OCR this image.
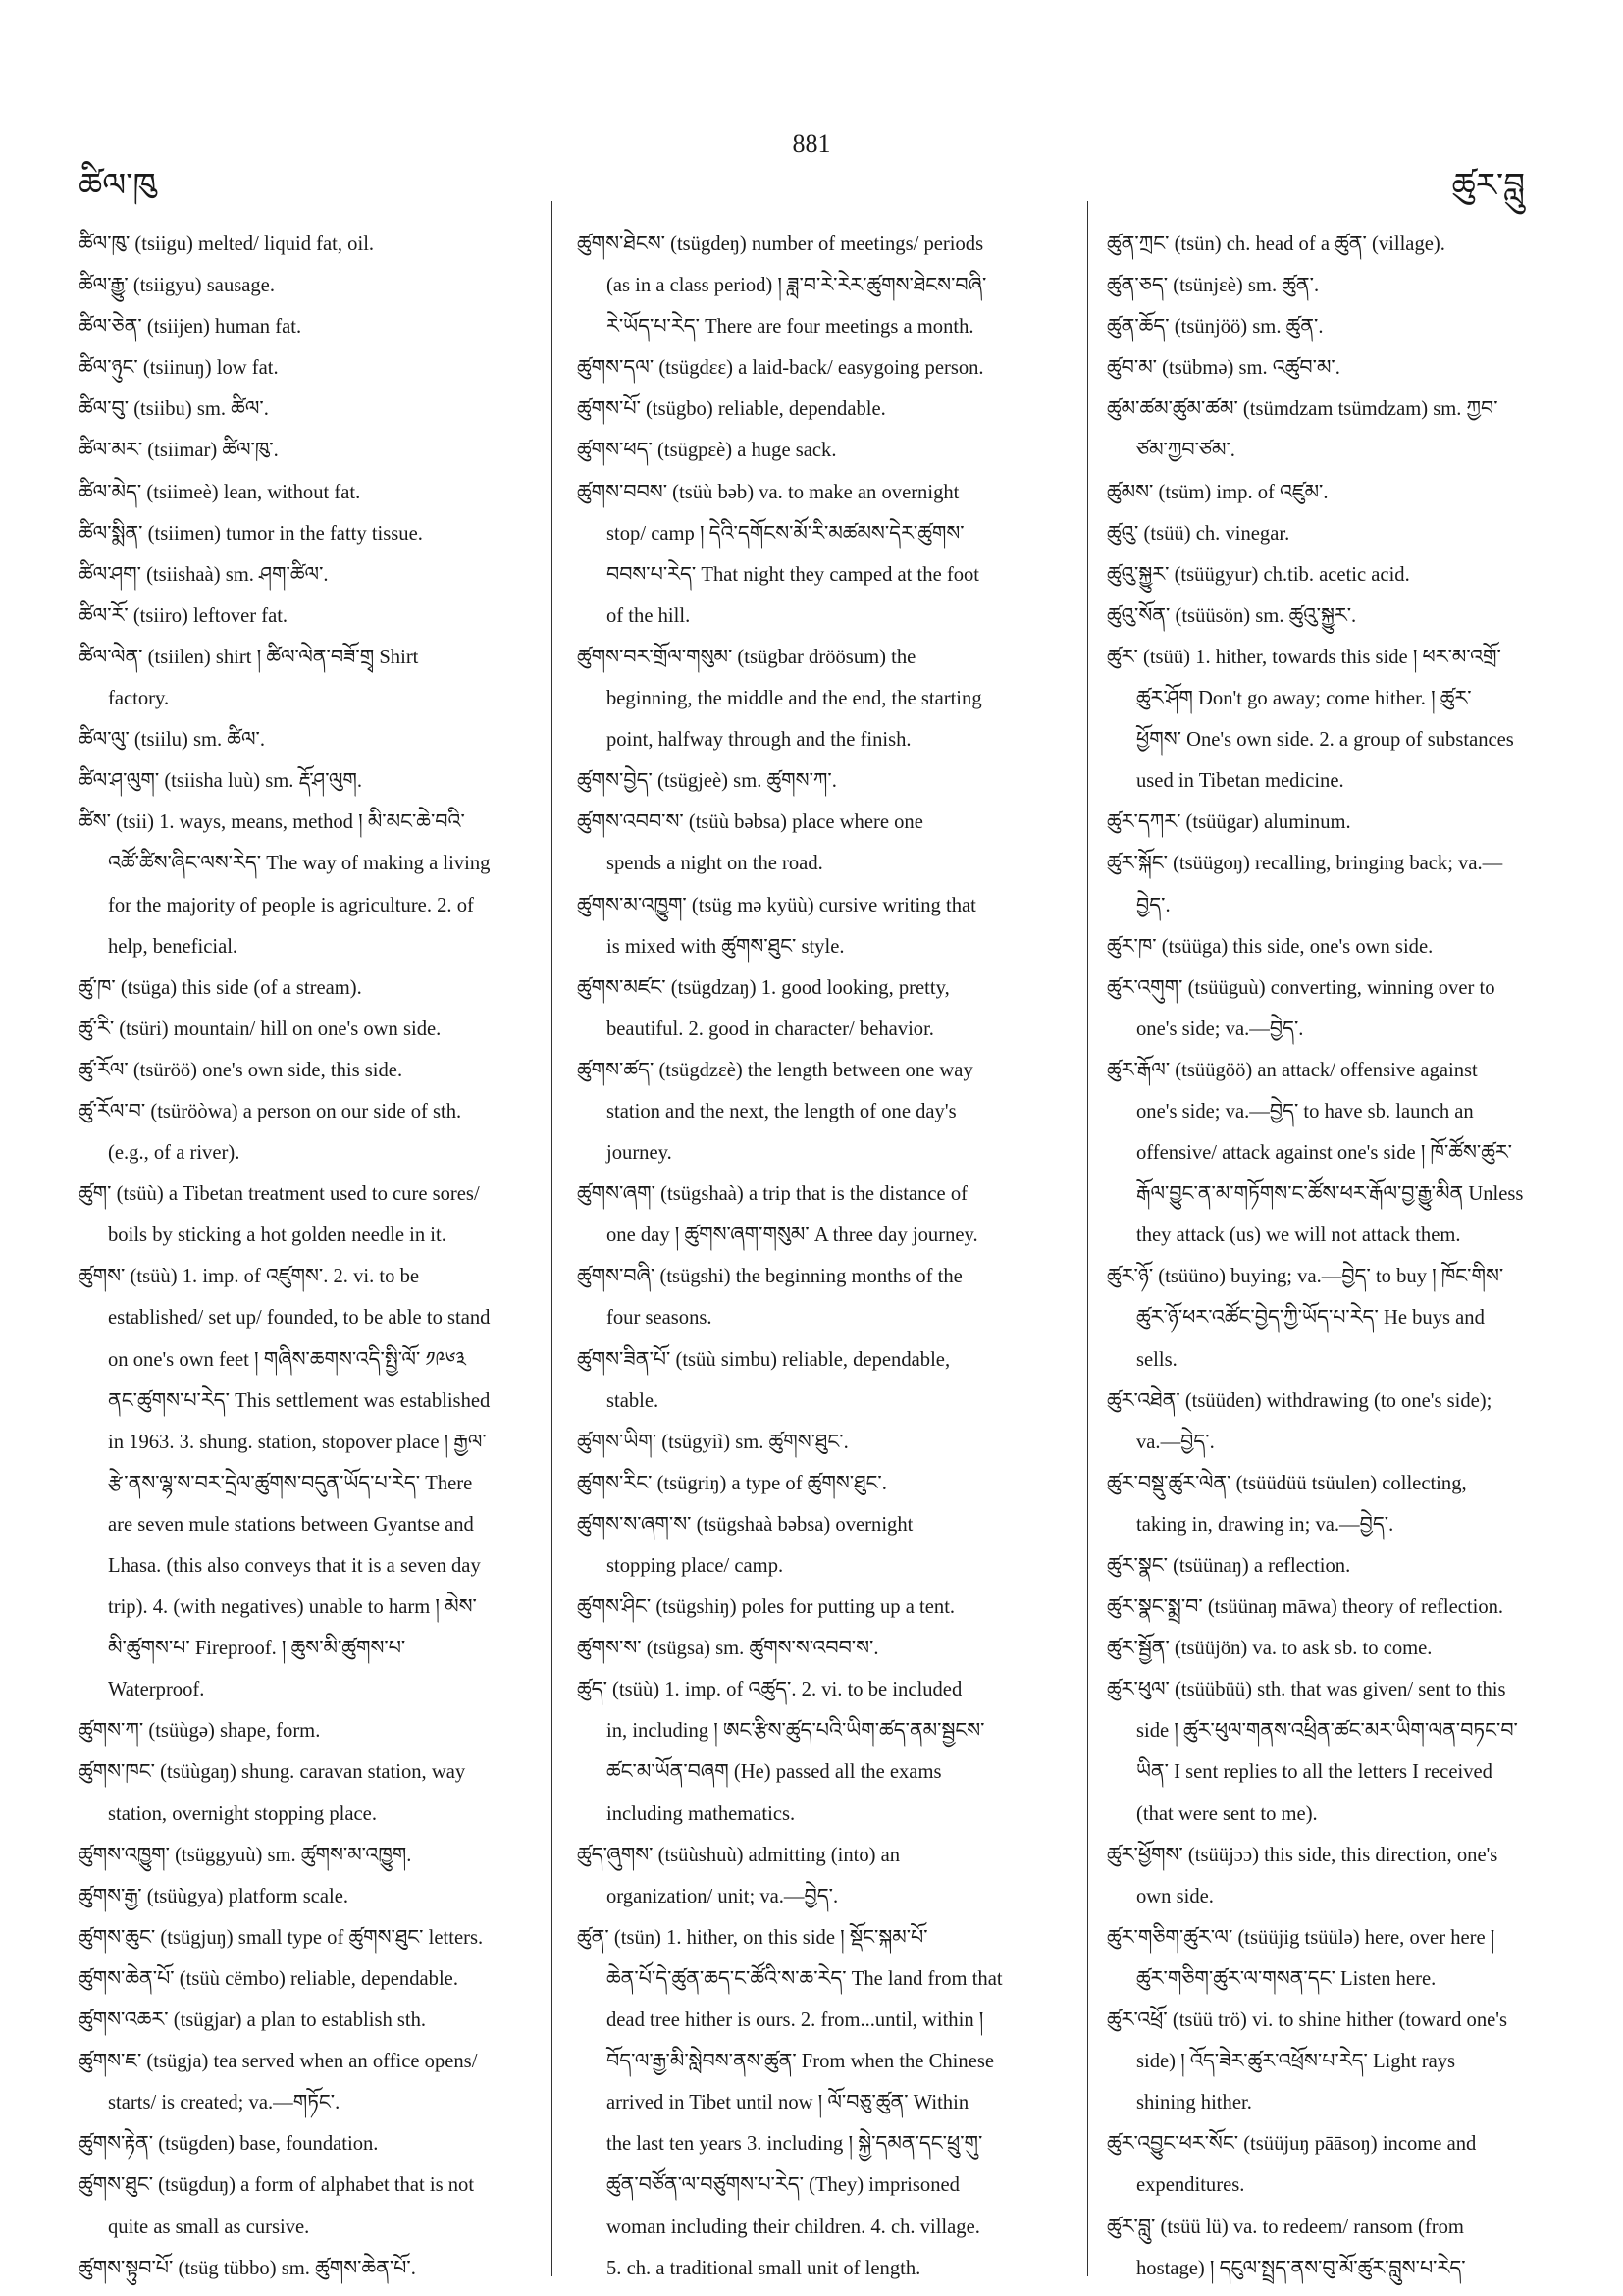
ཚིལ་ཁུ
881
ཚུར་བླུ
ཚིལ་ཁུ་ (tsiigu) melted/ liquid fat, oil.
ཚིལ་རྒྱུ་ (tsiigyu) sausage.
ཚིལ་ཅེན་ (tsiijen) human fat.
ཚིལ་ཉུང་ (tsiinuŋ) low fat.
ཚིལ་བུ་ (tsiibu) sm. ཚིལ་.
ཚིལ་མར་ (tsiimar) ཚིལ་ཁུ་.
ཚིལ་མེད་ (tsiimeè) lean, without fat.
ཚིལ་སྨིན་ (tsiimen) tumor in the fatty tissue.
ཚིལ་ཤག་ (tsiishaà) sm. ཤག་ཚིལ་.
ཚིལ་རོ་ (tsiiro) leftover fat.
ཚིལ་ལེན་ (tsiilen) shirt ། ཚིལ་ལེན་བཟོ་གྲྭ Shirt
factory.
ཚིལ་ལུ་ (tsiilu) sm. ཚིལ་.
ཚིལ་ཤ་ལུག་ (tsiisha luù) sm. རྡོ་ཤ་ལུག.
ཚིས་ (tsii) 1. ways, means, method ། མི་མང་ཆེ་བའི་
འཚོ་ཚིས་ཞིང་ལས་རེད་ The way of making a living
for the majority of people is agriculture. 2. of
help, beneficial.
ཚུ་ཁ་ (tsüga) this side (of a stream).
ཚུ་རི་ (tsüri) mountain/ hill on one's own side.
ཚུ་རོལ་ (tsüröö) one's own side, this side.
ཚུ་རོལ་བ་ (tsüröòwa) a person on our side of sth.
(e.g., of a river).
ཚུག་ (tsüù) a Tibetan treatment used to cure sores/
boils by sticking a hot golden needle in it.
ཚུགས་ (tsüù) 1. imp. of འཛུགས་. 2. vi. to be
established/ set up/ founded, to be able to stand
on one's own feet ། གཞིས་ཆགས་འདི་སྤྱི་ལོ་ ༡༩༦༣
ནང་ཚུགས་པ་རེད་ This settlement was established
in 1963. 3. shung. station, stopover place ། རྒྱལ་
རྩེ་ནས་ལྷ་ས་བར་དྲེལ་ཚུགས་བདུན་ཡོད་པ་རེད་ There
are seven mule stations between Gyantse and
Lhasa. (this also conveys that it is a seven day
trip). 4. (with negatives) unable to harm ། མེས་
མི་ཚུགས་པ་ Fireproof. ། ཆུས་མི་ཚུགས་པ་
Waterproof.
ཚུགས་ཀ་ (tsüùgə) shape, form.
ཚུགས་ཁང་ (tsüùgaŋ) shung. caravan station, way
station, overnight stopping place.
ཚུགས་འཁྱུག་ (tsüggyuù) sm. ཚུགས་མ་འཁྱུག.
ཚུགས་རྒྱ་ (tsüùgya) platform scale.
ཚུགས་ཆུང་ (tsügjuŋ) small type of ཚུགས་ཐུང་ letters.
ཚུགས་ཆེན་པོ་ (tsüù cëmbo) reliable, dependable.
ཚུགས་འཆར་ (tsügjar) a plan to establish sth.
ཚུགས་ཇ་ (tsügja) tea served when an office opens/
starts/ is created; va.—གཏོང་.
ཚུགས་རྟེན་ (tsügden) base, foundation.
ཚུགས་ཐུང་ (tsügduŋ) a form of alphabet that is not
quite as small as cursive.
ཚུགས་སྟུབ་པོ་ (tsüg tübbo) sm. ཚུགས་ཆེན་པོ་.
ཚུགས་ཐེངས་ (tsügdeŋ) number of meetings/ periods
(as in a class period) ། ཟླ་བ་རེ་རེར་ཚུགས་ཐེངས་བཞི་
རེ་ཡོད་པ་རེད་ There are four meetings a month.
ཚུགས་དལ་ (tsügdεε) a laid-back/ easygoing person.
ཚུགས་པོ་ (tsügbo) reliable, dependable.
ཚུགས་ཕད་ (tsügpεè) a huge sack.
ཚུགས་བབས་ (tsüù bəb) va. to make an overnight
stop/ camp ། དེའི་དགོངས་མོ་རི་མཚམས་དེར་ཚུགས་
བབས་པ་རེད་ That night they camped at the foot
of the hill.
ཚུགས་བར་གྲོལ་གསུམ་ (tsügbar dröösum) the
beginning, the middle and the end, the starting
point, halfway through and the finish.
ཚུགས་བྱེད་ (tsügjeè) sm. ཚུགས་ཀ་.
ཚུགས་འབབ་ས་ (tsüù bəbsa) place where one
spends a night on the road.
ཚུགས་མ་འཁྱུག་ (tsüg mə kyüù) cursive writing that
is mixed with ཚུགས་ཐུང་ style.
ཚུགས་མཛང་ (tsügdzaŋ) 1. good looking, pretty,
beautiful. 2. good in character/ behavior.
ཚུགས་ཚད་ (tsügdzεè) the length between one way
station and the next, the length of one day's
journey.
ཚུགས་ཞག་ (tsügshaà) a trip that is the distance of
one day ། ཚུགས་ཞག་གསུམ་ A three day journey.
ཚུགས་བཞི་ (tsügshi) the beginning months of the
four seasons.
ཚུགས་ཟིན་པོ་ (tsüù simbu) reliable, dependable,
stable.
ཚུགས་ཡིག་ (tsügyiì) sm. ཚུགས་ཐུང་.
ཚུགས་རིང་ (tsügriŋ) a type of ཚུགས་ཐུང་.
ཚུགས་ས་ཞག་ས་ (tsügshaà bəbsa) overnight
stopping place/ camp.
ཚུགས་ཤིང་ (tsügshiŋ) poles for putting up a tent.
ཚུགས་ས་ (tsügsa) sm. ཚུགས་ས་འབབ་ས་.
ཚུད་ (tsüù) 1. imp. of འཚུད་. 2. vi. to be included
in, including ། ཨང་རྩིས་ཚུད་པའི་ཡིག་ཚད་ནམ་སྦྱངས་
ཚང་མ་ཡོན་བཞག (He) passed all the exams
including mathematics.
ཚུད་ཞུགས་ (tsüùshuù) admitting (into) an
organization/ unit; va.—བྱེད་.
ཚུན་ (tsün) 1. hither, on this side ། སྡོང་སྐམ་པོ་
ཆེན་པོ་དེ་ཚུན་ཆད་ང་ཚོའི་ས་ཆ་རེད་ The land from that
dead tree hither is ours. 2. from...until, within །
བོད་ལ་རྒྱ་མི་སླེབས་ནས་ཚུན་ From when the Chinese
arrived in Tibet until now ། ལོ་བཅུ་ཚུན་ Within
the last ten years 3. including ། སྐྱེ་དམན་དང་ཕྲུ་གུ་
ཚུན་བཙོན་ལ་བཙུགས་པ་རེད་ (They) imprisoned
woman including their children. 4. ch. village.
5. ch. a traditional small unit of length.
ཚུན་ཀྲང་ (tsün) ch. head of a ཚུན་ (village).
ཚུན་ཅད་ (tsünjεè) sm. ཚུན་.
ཚུན་ཆོད་ (tsünjöö) sm. ཚུན་.
ཚུབ་མ་ (tsübmə) sm. འཚུབ་མ་.
ཚུམ་ཚམ་ཚུམ་ཚམ་ (tsümdzam tsümdzam) sm. ཀྱབ་
ཙམ་ཀྱབ་ཙམ་.
ཚུམས་ (tsüm) imp. of འཛུམ་.
ཚུའུ་ (tsüü) ch. vinegar.
ཚུའུ་སྐྱུར་ (tsüügyur) ch.tib. acetic acid.
ཚུའུ་སོན་ (tsüüsön) sm. ཚུའུ་སྐྱུར་.
ཚུར་ (tsüü) 1. hither, towards this side ། ཕར་མ་འགྲོ་
ཚུར་ཤོག Don't go away; come hither. ། ཚུར་
ཕྱོགས་ One's own side. 2. a group of substances
used in Tibetan medicine.
ཚུར་དཀར་ (tsüügar) aluminum.
ཚུར་སྐོང་ (tsüügoŋ) recalling, bringing back; va.—
བྱེད་.
ཚུར་ཁ་ (tsüüga) this side, one's own side.
ཚུར་འགུག་ (tsüüguù) converting, winning over to
one's side; va.—བྱེད་.
ཚུར་རྒོལ་ (tsüügöö) an attack/ offensive against
one's side; va.—བྱེད་ to have sb. launch an
offensive/ attack against one's side ། ཁོ་ཚོས་ཚུར་
རྒོལ་བྱུང་ན་མ་གཏོགས་ང་ཚོས་ཕར་རྒོལ་བྱ་རྒྱུ་མིན Unless
they attack (us) we will not attack them.
ཚུར་ཉོ་ (tsüüno) buying; va.—བྱེད་ to buy ། ཁོང་གིས་
ཚུར་ཉོ་ཕར་འཚོང་བྱེད་ཀྱི་ཡོད་པ་རེད་ He buys and
sells.
ཚུར་འཐེན་ (tsüüden) withdrawing (to one's side);
va.—བྱེད་.
ཚུར་བསྡུ་ཚུར་ལེན་ (tsüüdüü tsüulen) collecting,
taking in, drawing in; va.—བྱེད་.
ཚུར་སྣང་ (tsüünaŋ) a reflection.
ཚུར་སྣང་སྨྲ་བ་ (tsüünaŋ māwa) theory of reflection.
ཚུར་སྦྱོན་ (tsüüjön) va. to ask sb. to come.
ཚུར་ཕུལ་ (tsüübüü) sth. that was given/ sent to this
side ། ཚུར་ཕུལ་གནས་འཕྲིན་ཚང་མར་ཡིག་ལན་བཏང་བ་
ཡིན་ I sent replies to all the letters I received
(that were sent to me).
ཚུར་ཕྱོགས་ (tsüüjɔɔ) this side, this direction, one's
own side.
ཚུར་གཅིག་ཚུར་ལ་ (tsüüjig tsüülə) here, over here །
ཚུར་གཅིག་ཚུར་ལ་གསན་དང་ Listen here.
ཚུར་འཕྲོ་ (tsüü trö) vi. to shine hither (toward one's
side) ། འོད་ཟེར་ཚུར་འཕྲོས་པ་རེད་ Light rays
shining hither.
ཚུར་འབྱུང་ཕར་སོང་ (tsüüjuŋ pāāsoŋ) income and
expenditures.
ཚུར་བླུ་ (tsüü lü) va. to redeem/ ransom (from
hostage) ། དངུལ་སྤྲད་ནས་བུ་མོ་ཚུར་བླུས་པ་རེད་
